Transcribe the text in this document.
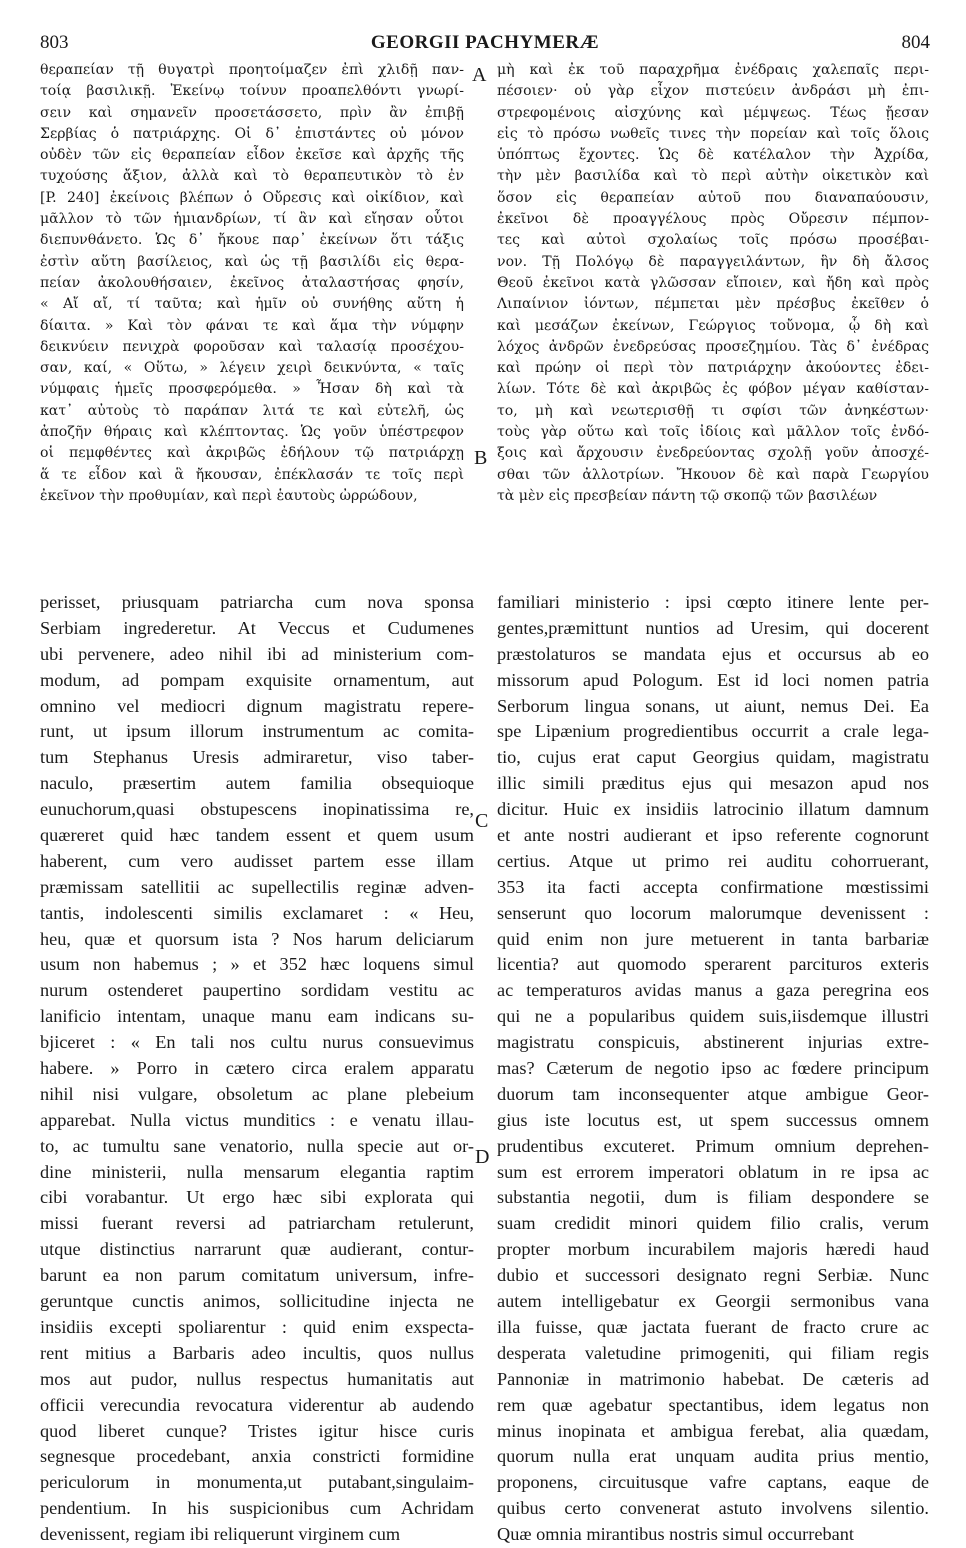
803	GEORGII PACHYMERÆ	804
A
B
C
D
θεραπείαν τῇ θυγατρὶ προητοίμαζεν ἐπὶ χλιδῇ παν-
τοίᾳ βασιλικῇ. Ἐκείνῳ τοίνυν προαπελθόντι γνωρί-
σειν καὶ σημανεῖν προσετάσσετο, πρὶν ἂν ἐπιβῇ
Σερβίας ὁ πατριάρχης. Οἱ δ᾽ ἐπιστάντες οὐ μόνον
οὐδὲν τῶν εἰς θεραπείαν εἶδον ἐκεῖσε καὶ ἀρχῆς τῆς
τυχούσης ἄξιον, ἀλλὰ καὶ τὸ θεραπευτικὸν τὸ ἐν
[P. 240] ἐκείνοις βλέπων ὁ Οὔρεσις καὶ οἰκίδιον, καὶ
μᾶλλον τὸ τῶν ἡμιανδρίων, τί ἂν καὶ εἴησαν οὗτοι
διεπυνθάνετο. Ὡς δ᾽ ἤκουε παρ᾽ ἐκείνων ὅτι τάξις
ἐστὶν αὕτη βασίλειος, καὶ ὡς τῇ βασιλίδι εἰς θερα-
πείαν ἀκολουθήσαιεν, ἐκεῖνος ἀταλαστήσας φησίν,
« Αἴ αἴ, τί ταῦτα; καὶ ἡμῖν οὐ συνήθης αὕτη ἡ
δίαιτα. » Καὶ τὸν φάναι τε καὶ ἅμα τὴν νύμφην
δεικνύειν πενιχρὰ φοροῦσαν καὶ ταλασίᾳ προσέχου-
σαν, καί, « Οὕτω, » λέγειν χειρὶ δεικνύντα, « ταῖς
νύμφαις ἡμεῖς προσφερόμεθα. » Ἦσαν δὴ καὶ τὰ
κατ᾽ αὐτοὺς τὸ παράπαν λιτά τε καὶ εὐτελῆ, ὡς
ἀποζῆν θήραις καὶ κλέπτοντας. Ὡς γοῦν ὑπέστρεφον
οἱ πεμφθέντες καὶ ἀκριβῶς ἐδήλουν τῷ πατριάρχῃ
ἅ τε εἶδον καὶ ἃ ἤκουσαν, ἐπέκλασάν τε τοῖς περὶ
ἐκεῖνον τὴν προθυμίαν, καὶ περὶ ἑαυτοὺς ὠρρώδουν,
μὴ καὶ ἐκ τοῦ παραχρῆμα ἐνέδραις χαλεπαῖς περι-
πέσοιεν· οὐ γὰρ εἶχον πιστεύειν ἀνδράσι μὴ ἐπι-
στρεφομένοις αἰσχύνης καὶ μέμψεως. Τέως ᾔεσαν
εἰς τὸ πρόσω νωθεῖς τινες τὴν πορείαν καὶ τοῖς ὅλοις
ὑπόπτως ἔχοντες. Ὡς δὲ κατέλαλον τὴν Ἀχρίδα,
τὴν μὲν βασιλίδα καὶ τὸ περὶ αὐτὴν οἰκετικὸν καὶ
ὅσον εἰς θεραπείαν αὐτοῦ που διαναπαύουσιν,
ἐκεῖνοι δὲ προαγγέλους πρὸς Οὔρεσιν πέμπον-
τες καὶ αὐτοὶ σχολαίως τοῖς πρόσω προσέβαι-
νον. Τῇ Πολόγῳ δὲ παραγγειλάντων, ἣν δὴ ἄλσος
Θεοῦ ἐκεῖνοι κατὰ γλῶσσαν εἴποιεν, καὶ ἤδη καὶ πρὸς
Λιπαίνιον ἰόντων, πέμπεται μὲν πρέσβυς ἐκεῖθεν ὁ
καὶ μεσάζων ἐκείνων, Γεώργιος τοὔνομα, ᾧ δὴ καὶ
λόχος ἀνδρῶν ἐνεδρεύσας προσεζημίου. Τὰς δ᾽ ἐνέδρας
καὶ πρώην οἱ περὶ τὸν πατριάρχην ἀκούοντες ἐδει-
λίων. Τότε δὲ καὶ ἀκριβῶς ἐς φόβον μέγαν καθίσταν-
το, μὴ καὶ νεωτερισθῇ τι σφίσι τῶν ἀνηκέστων·
τοὺς γὰρ οὕτω καὶ τοῖς ἰδίοις καὶ μᾶλλον τοῖς ἐνδό-
ξοις καὶ ἄρχουσιν ἐνεδρεύοντας σχολῇ γοῦν ἀποσχέ-
σθαι τῶν ἀλλοτρίων. Ἤκουον δὲ καὶ παρὰ Γεωργίου
τὰ μὲν εἰς πρεσβείαν πάντη τῷ σκοπῷ τῶν βασιλέων
perisset, priusquam patriarcha cum nova sponsa
Serbiam ingrederetur. At Veccus et Cudumenes
ubi pervenere, adeo nihil ibi ad ministerium com-
modum, ad pompam exquisite ornamentum, aut
omnino vel mediocri dignum magistratu repere-
runt, ut ipsum illorum instrumentum ac comita-
tum Stephanus Uresis admiraretur, viso taber-
naculo, præsertim autem familia obsequioque
eunuchorum,quasi obstupescens inopinatissima re,
quæreret quid hæc tandem essent et quem usum
haberent, cum vero audisset partem esse illam
præmissam satellitii ac supellectilis reginæ adven-
tantis, indolescenti similis exclamaret : « Heu,
heu, quæ et quorsum ista ? Nos harum deliciarum
usum non habemus ; » et 352 hæc loquens simul
nurum ostenderet paupertino sordidam vestitu ac
lanificio intentam, unaque manu eam indicans su-
bjiceret : « En tali nos cultu nurus consuevimus
habere. » Porro in cætero circa eralem apparatu
nihil nisi vulgare, obsoletum ac plane plebeium
apparebat. Nulla victus munditics : e venatu illau-
to, ac tumultu sane venatorio, nulla specie aut or-
dine ministerii, nulla mensarum elegantia raptim
cibi vorabantur. Ut ergo hæc sibi explorata qui
missi fuerant reversi ad patriarcham retulerunt,
utque distinctius narrarunt quæ audierant, contur-
barunt ea non parum comitatum universum, infre-
geruntque cunctis animos, sollicitudine injecta ne
insidiis excepti spoliarentur : quid enim exspecta-
rent mitius a Barbaris adeo incultis, quos nullus
mos aut pudor, nullus respectus humanitatis aut
officii verecundia revocatura viderentur ab audendo
quod liberet cunque? Tristes igitur hisce curis
segnesque procedebant, anxia constricti formidine
periculorum in monumenta,ut putabant,singulaim-
pendentium. In his suspicionibus cum Achridam
devenissent, regiam ibi reliquerunt virginem cum
familiari ministerio : ipsi cœpto itinere lente per-
gentes,præmittunt nuntios ad Uresim, qui docerent
præstolaturos se mandata ejus et occursus ab eo
missorum apud Pologum. Est id loci nomen patria
Serborum lingua sonans, ut aiunt, nemus Dei. Ea
spe Lipænium progredientibus occurrit a crale lega-
tio, cujus erat caput Georgius quidam, magistratu
illic simili præditus ejus qui mesazon apud nos
dicitur. Huic ex insidiis latrocinio illatum damnum
et ante nostri audierant et ipso referente cognorunt
certius. Atque ut primo rei auditu cohorruerant,
353 ita facti accepta confirmatione mœstissimi
senserunt quo locorum malorumque devenissent :
quid enim non jure metuerent in tanta barbariæ
licentia? aut quomodo sperarent parcituros exteris
ac temperaturos avidas manus a gaza peregrina eos
qui ne a popularibus quidem suis,iisdemque illustri
magistratu conspicuis, abstinerent injurias extre-
mas? Cæterum de negotio ipso ac fœdere principum
duorum tam inconsequenter atque ambigue Geor-
gius iste locutus est, ut spem successus omnem
prudentibus excuteret. Primum omnium deprehen-
sum est errorem imperatori oblatum in re ipsa ac
substantia negotii, dum is filiam despondere se
suam credidit minori quidem filio cralis, verum
propter morbum incurabilem majoris hæredi haud
dubio et successori designato regni Serbiæ. Nunc
autem intelligebatur ex Georgii sermonibus vana
illa fuisse, quæ jactata fuerant de fracto crure ac
desperata valetudine primogeniti, qui filiam regis
Pannoniæ in matrimonio habebat. De cæteris ad
rem quæ agebatur spectantibus, idem legatus non
minus inopinata et ambigua ferebat, alia quædam,
quorum nulla erat unquam audita prius mentio,
proponens, circuitusque vafre captans, eaque de
quibus certo convenerat astuto involvens silentio.
Quæ omnia mirantibus nostris simul occurrebant
